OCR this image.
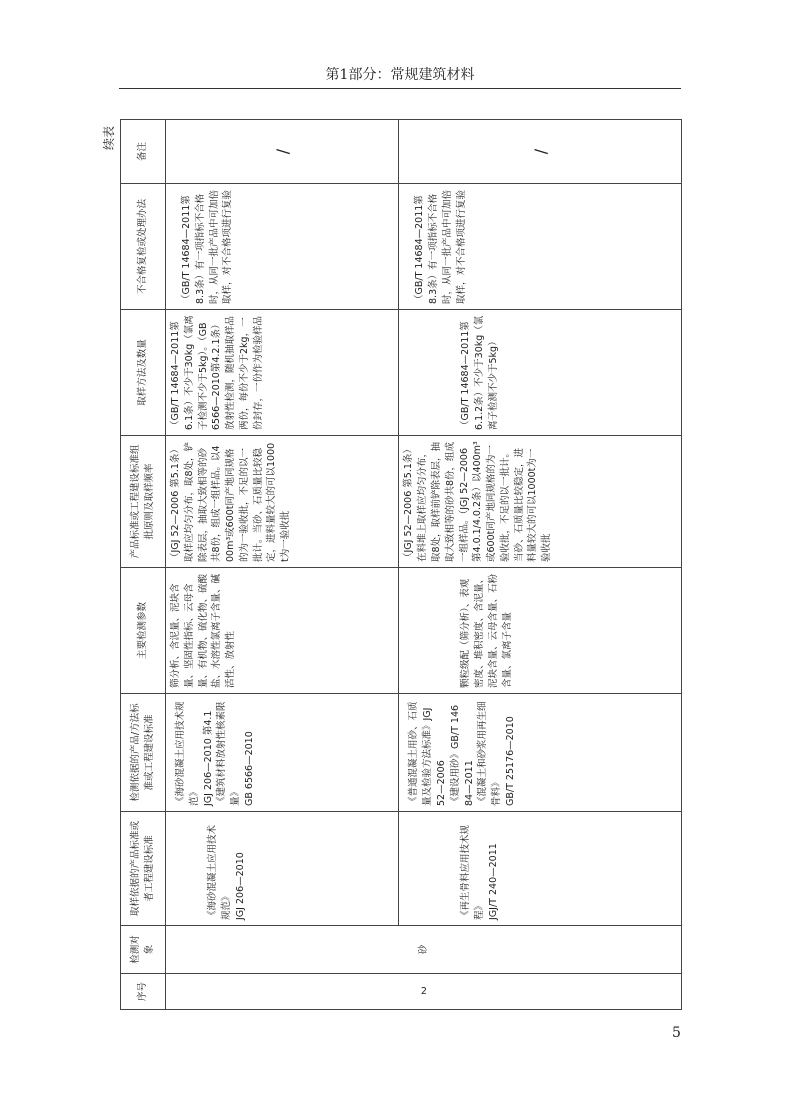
第1部分：常规建筑材料
续表
序号	检测对象	取样依据的产品标准或者工程建设标准	检测依据的产品/方法标准或工程建设标准	主要检测参数	产品标准或工程建设标准组批原则及取样频率	取样方法及数量	不合格复检或处理办法	备注
2	砂	《海砂混凝土应用技术规范》 JGJ 206—2010	《海砂混凝土应用技术规范》 JGJ 206—2010 第4.1 《建筑材料放射性核素限量》 GB 6566—2010	筛分析、含泥量、泥块含量、坚固性指标、云母含量、有机物、硫化物、硫酸盐、水溶性氯离子含量、碱活性、放射性	（JGJ 52—2006 第5.1条）取样应均匀分布，取8处，铲除表层，抽取大致相等的砂共8份，组成一组样品。以400m³或600t同产地同规格的为一验收批，不足的以一批计。当砂、石质量比较稳定，进料量较大的可以1000t为一验收批	（GB/T 14684—2011第6.1条）不少于30kg（氯离子检测不少于5kg）。（GB 6566—2010第4.2.1条）放射性检测，随机抽取样品两份，每份不少于2kg，一份封存，一份作为检验样品	（GB/T 14684—2011第8.3条）有一项指标不合格时，从同一批产品中可加倍取样，对不合格项进行复验	/

		《再生骨料应用技术规程》 JGJ/T 240—2011	《普通混凝土用砂、石质量及检验方法标准》JGJ 52—2006 《建设用砂》GB/T 14684—2011 《混凝土和砂浆用再生细骨料》 GB/T 25176—2010	颗粒级配（筛分析）、表观密度、堆积密度、含泥量、泥块含量、云母含量、石粉含量、氯离子含量	（JGJ 52—2006 第5.1条）在料堆上取样应均匀分布，取8处，取样前铲除表层，抽取大致相等的砂共8份，组成一组样品。（JGJ 52—2006 第4.0.1/4.0.2条）以400m³或600t同产地同规格的为一验收批，不足的以一批计。当砂、石质量比较稳定，进料量较大的可以1000t为一验收批	（GB/T 14684—2011第6.1.2条）不少于30kg（氯离子检测不少于5kg）	（GB/T 14684—2011第8.3条）有一项指标不合格时，从同一批产品中可加倍取样，对不合格项进行复验	/
5
